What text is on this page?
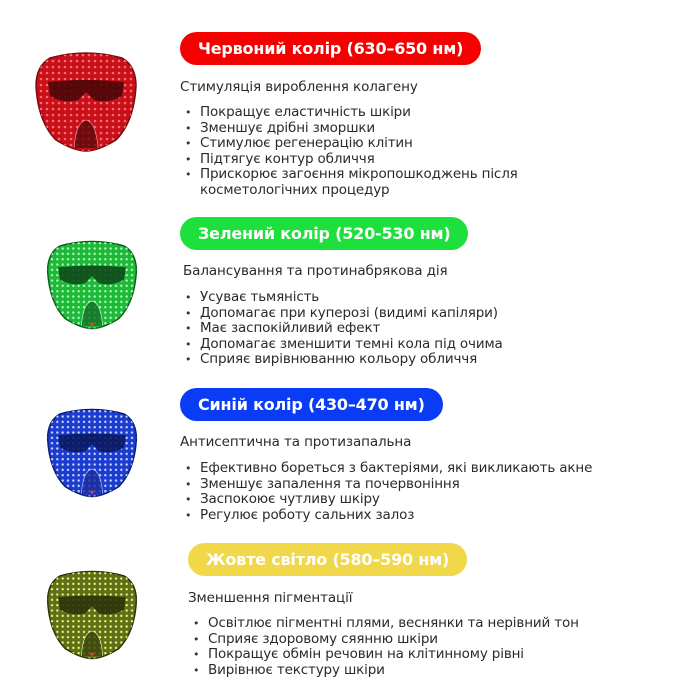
Червоний колір (630–650 нм)
Стимуляція вироблення колагену
• Покращує еластичність шкіри
• Зменшує дрібні зморшки
• Стимулює регенерацію клітин
• Підтягує контур обличчя
• Прискорює загоєння мікропошкоджень після
косметологічних процедур
Зелений колір (520-530 нм)
Балансування та протинабрякова дія
• Усуває тьмяність
• Допомагає при куперозі (видимі капіляри)
• Має заспокійливий ефект
• Допомагає зменшити темні кола під очима
• Сприяє вирівнюванню кольору обличчя
Синій колір (430–470 нм)
Антисептична та протизапальна
• Ефективно бореться з бактеріями, які викликають акне
• Зменшує запалення та почервоніння
• Заспокоює чутливу шкіру
• Регулює роботу сальних залоз
Жовте світло (580–590 нм)
Зменшення пігментації
• Освітлює пігментні плями, веснянки та нерівний тон
• Сприяє здоровому сяянню шкіри
• Покращує обмін речовин на клітинному рівні
• Вирівнює текстуру шкіри
